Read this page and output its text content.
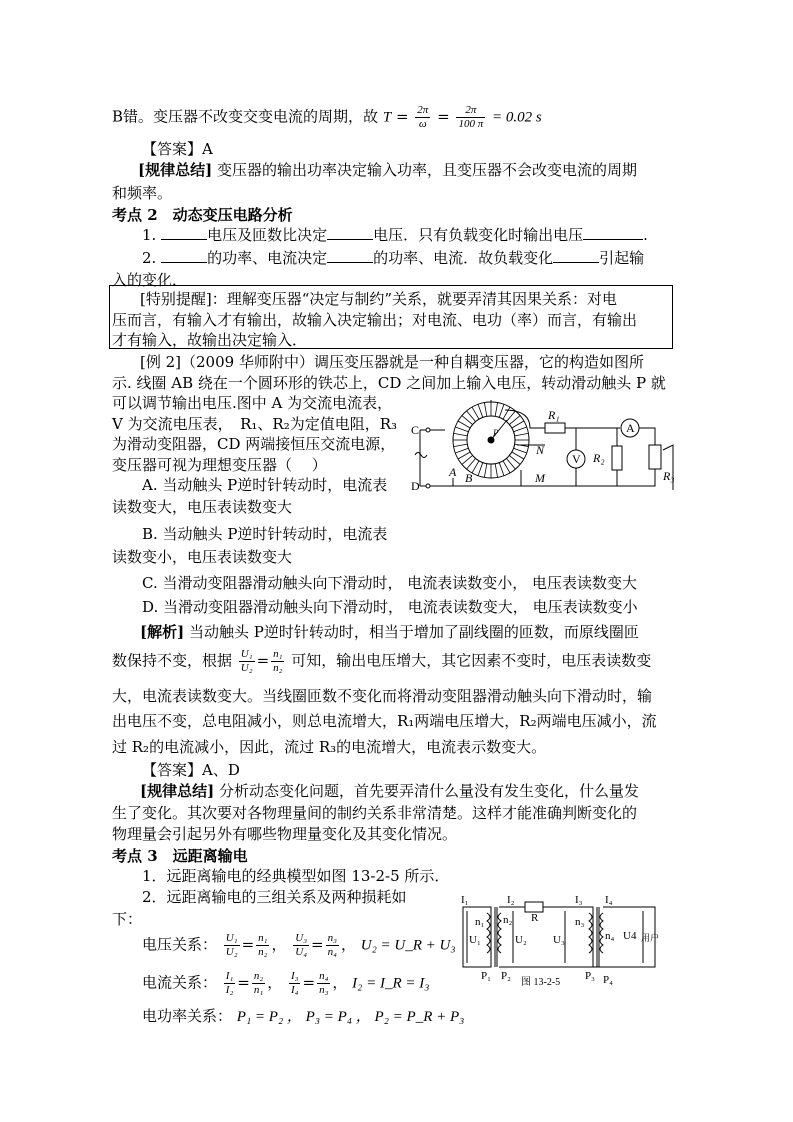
B错。变压器不改变交变电流的周期，故 $T = \frac{2\pi}{\omega} = \frac{2\pi}{100 \pi} = 0.02$ s
【答案】A
[规律总结] 变压器的输出功率决定输入功率，且变压器不会改变电流的周期
和频率。
考点 2　动态变压电路分析
1.	电压及匝数比决定	电压．只有负载变化时输出电压	.
2.	的功率、电流决定	的功率、电流．故负载变化	引起输
入的变化．
[特别提醒]：理解变压器“决定与制约”关系，就要弄清其因果关系：对电
压而言，有输入才有输出，故输入决定输出；对电流、电功（率）而言，有输出
才有输入，故输出决定输入．
[例 2]（2009 华师附中）调压变压器就是一种自耦变压器，它的构造如图所
示. 线圈 AB 绕在一个圆环形的铁芯上，CD 之间加上输入电压，转动滑动触头 P 就
可以调节输出电压.图中 A 为交流电流表，
V 为交流电压表，　R₁、R₂为定值电阻，R₃
为滑动变阻器，CD 两端接恒压交流电源，
变压器可视为理想变压器（　 ）
C
D
A B
N
M
P
R₁
R₂
R₃
A
V
A. 当动触头 P逆时针转动时，电流表
读数变大，电压表读数变大
B. 当动触头 P逆时针转动时，电流表
读数变小，电压表读数变大
C. 当滑动变阻器滑动触头向下滑动时， 电流表读数变小， 电压表读数变大
D. 当滑动变阻器滑动触头向下滑动时， 电流表读数变大， 电压表读数变小
[解析] 当动触头 P逆时针转动时，相当于增加了副线圈的匝数，而原线圈匝
数保持不变，根据 $\frac{\text{U₁}}{\text{U₂}} = \frac{\text{n₁}}{\text{n₂}}$ 可知，输出电压增大，其它因素不变时，电压表读数变
大，电流表读数变大。当线圈匝数不变化而将滑动变阻器滑动触头向下滑动时，输
出电压不变，总电阻减小，则总电流增大，R₁两端电压增大，R₂两端电压减小，流
过 R₂的电流减小，因此，流过 R₃的电流增大，电流表示数变大。
【答案】A、D
[规律总结] 分析动态变化问题，首先要弄清什么量没有发生变化，什么量发
生了变化。其次要对各物理量间的制约关系非常清楚。这样才能准确判断变化的
物理量会引起另外有哪些物理量变化及其变化情况。
考点 3　远距离输电
1．远距离输电的经典模型如图 13-2-5 所示．
2．远距离输电的三组关系及两种损耗如
下：
电压关系： $\frac{\text{U₁}}{\text{U₂}} = \frac{\text{n₁}}{\text{n₂}}$ ， $\frac{\text{U₃}}{\text{U₄}} = \frac{\text{n₃}}{\text{n₄}}$ ， U₂ = U_R + U₃
电流关系： $\frac{\text{I₁}}{\text{I₂}} = \frac{\text{n₂}}{\text{n₁}}$ ， $\frac{\text{I₃}}{\text{I₄}} = \frac{\text{n₄}}{\text{n₃}}$ ， I₂ = I_R = I₃
电功率关系： P₁ = P₂ ， P₃ = P₄ ， P₂ = P_R + P₃
I₁
n₁
U₁
I₂
n₂ R
U₂
I₃
n₃
U₃
I₄
n₄ U4 用户
P₁ P₂	P₃ P₄
图 13-2-5
